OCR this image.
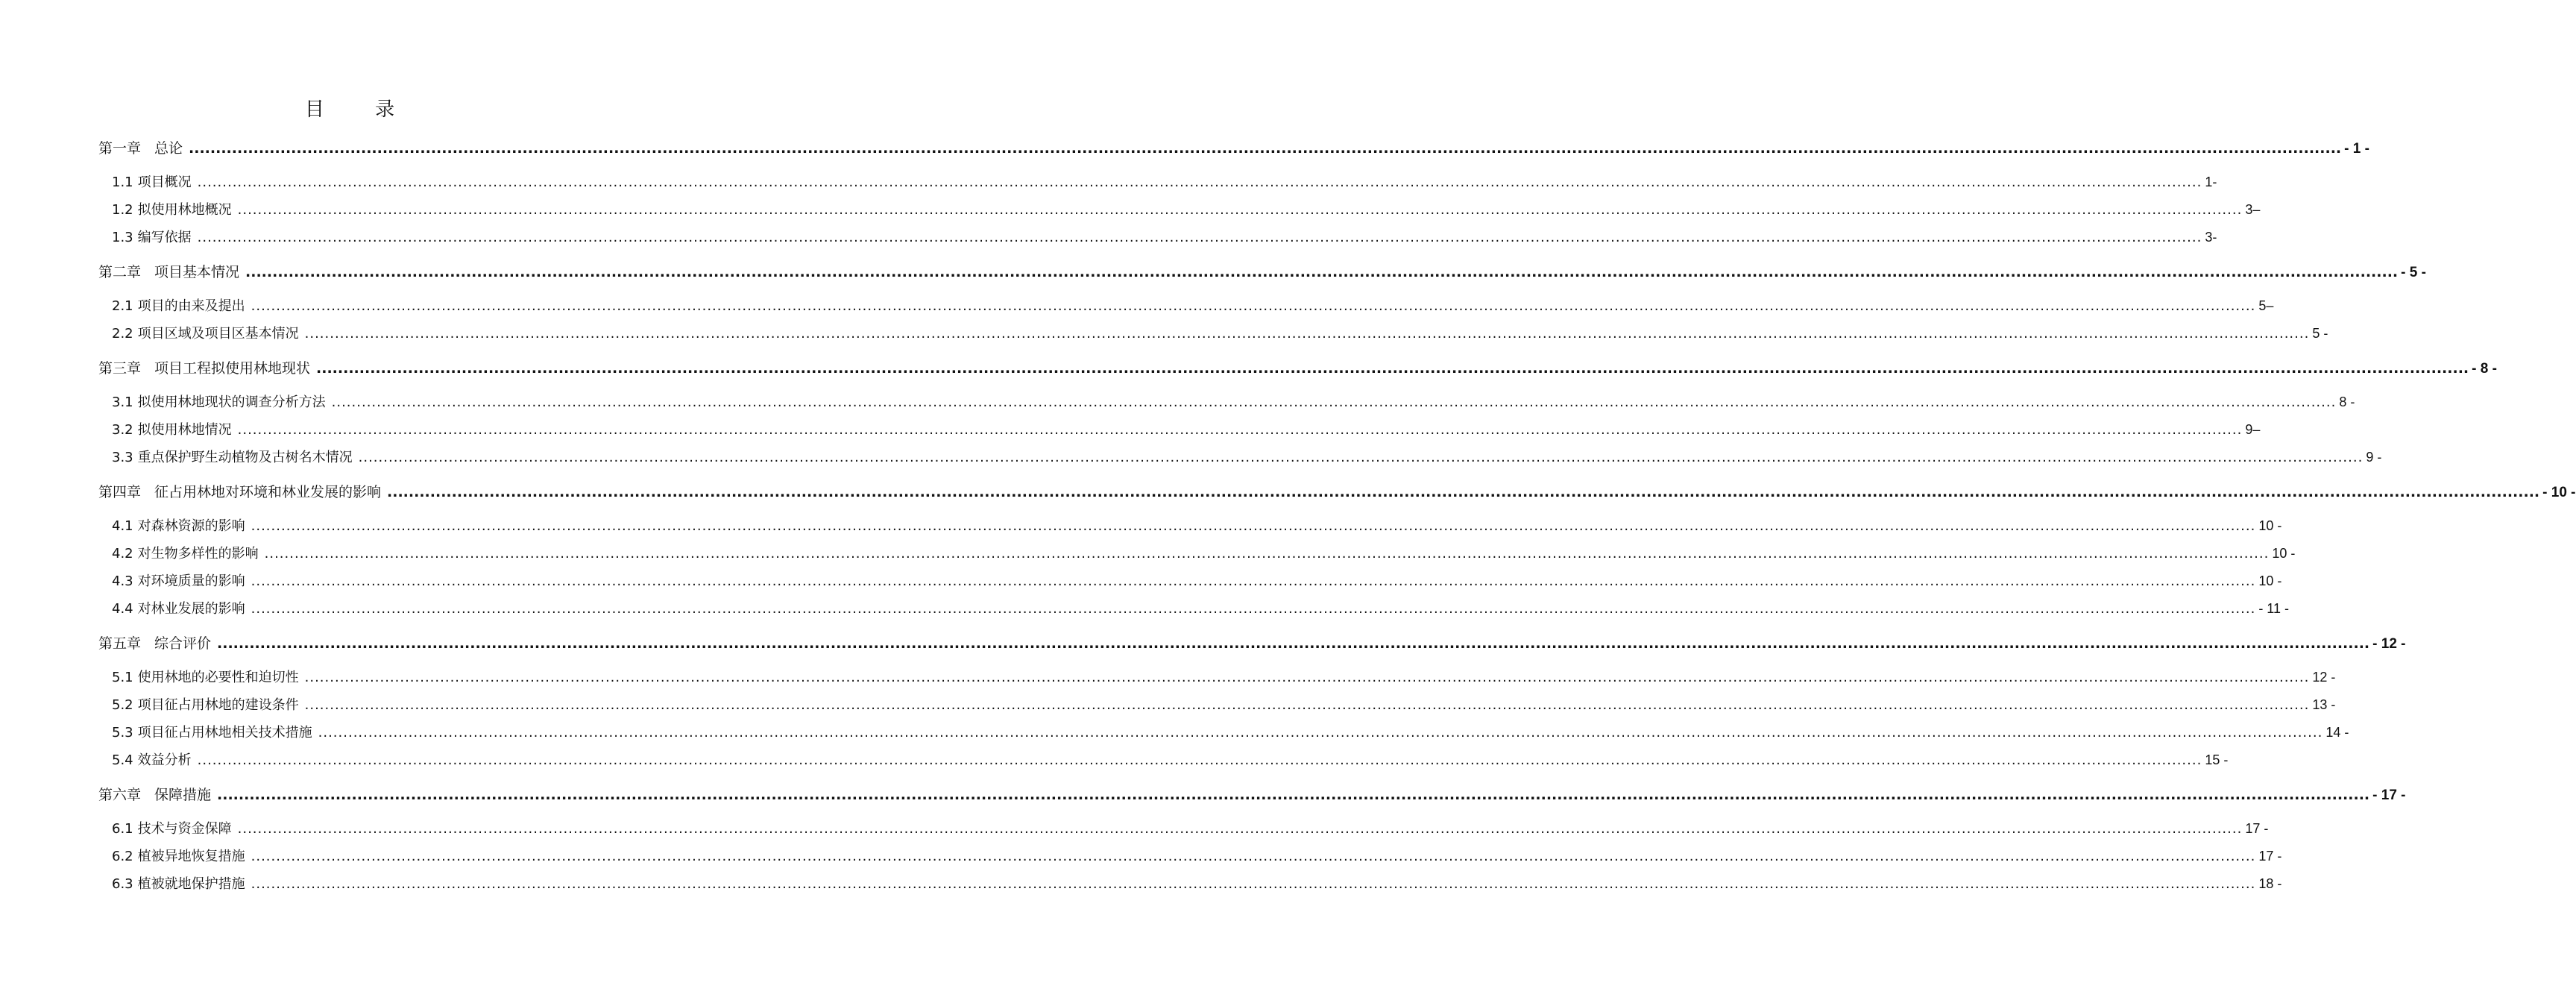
目 录
第一章 总论 ................................................................................................................................................................................................................................................................................................................................................................................................................ - 1 -
1.1 项目概况 ................................................................................................................................................................................................................................................................................................................................................................................................................ 1-
1.2 拟使用林地概况 ................................................................................................................................................................................................................................................................................................................................................................................................................ 3–
1.3 编写依据 ................................................................................................................................................................................................................................................................................................................................................................................................................ 3-
第二章 项目基本情况 ................................................................................................................................................................................................................................................................................................................................................................................................................ - 5 -
2.1 项目的由来及提出 ................................................................................................................................................................................................................................................................................................................................................................................................................ 5–
2.2 项目区域及项目区基本情况 ................................................................................................................................................................................................................................................................................................................................................................................................................ 5 -
第三章 项目工程拟使用林地现状 ................................................................................................................................................................................................................................................................................................................................................................................................................ - 8 -
3.1 拟使用林地现状的调查分析方法 ................................................................................................................................................................................................................................................................................................................................................................................................................ 8 -
3.2 拟使用林地情况 ................................................................................................................................................................................................................................................................................................................................................................................................................ 9–
3.3 重点保护野生动植物及古树名木情况 ................................................................................................................................................................................................................................................................................................................................................................................................................ 9 -
第四章 征占用林地对环境和林业发展的影响 ................................................................................................................................................................................................................................................................................................................................................................................................................ - 10 -
4.1 对森林资源的影响 ................................................................................................................................................................................................................................................................................................................................................................................................................ 10 -
4.2 对生物多样性的影响 ................................................................................................................................................................................................................................................................................................................................................................................................................ 10 -
4.3 对环境质量的影响 ................................................................................................................................................................................................................................................................................................................................................................................................................ 10 -
4.4 对林业发展的影响 ................................................................................................................................................................................................................................................................................................................................................................................................................ - 11 -
第五章 综合评价 ................................................................................................................................................................................................................................................................................................................................................................................................................ - 12 -
5.1 使用林地的必要性和迫切性 ................................................................................................................................................................................................................................................................................................................................................................................................................ 12 -
5.2 项目征占用林地的建设条件 ................................................................................................................................................................................................................................................................................................................................................................................................................ 13 -
5.3 项目征占用林地相关技术措施 ................................................................................................................................................................................................................................................................................................................................................................................................................ 14 -
5.4 效益分析 ................................................................................................................................................................................................................................................................................................................................................................................................................ 15 -
第六章 保障措施 ................................................................................................................................................................................................................................................................................................................................................................................................................ - 17 -
6.1 技术与资金保障 ................................................................................................................................................................................................................................................................................................................................................................................................................ 17 -
6.2 植被异地恢复措施 ................................................................................................................................................................................................................................................................................................................................................................................................................ 17 -
6.3 植被就地保护措施 ................................................................................................................................................................................................................................................................................................................................................................................................................ 18 -
